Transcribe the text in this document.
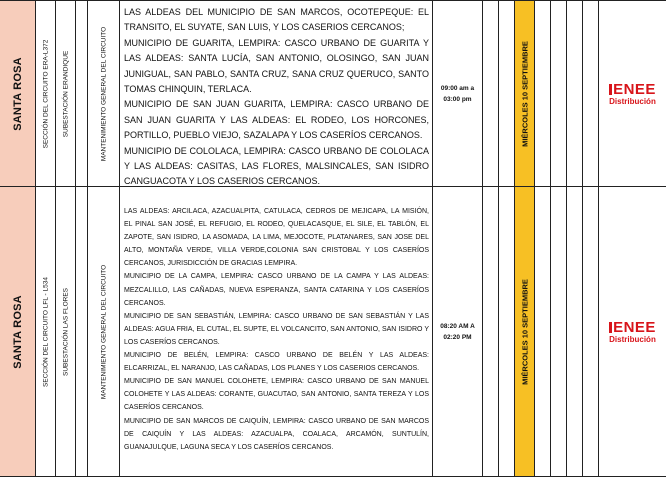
SANTA ROSA	SECCIÓN DEL CIRCUITO ERA-L372 SUBESTACIÓN ERANDIQUE	MANTENIMIENTO GENERAL DEL CIRCUITO

LAS ALDEAS DEL MUNICIPIO DE SAN MARCOS, OCOTEPEQUE: EL TRANSITO, EL SUYATE, SAN LUIS, Y LOS CASERIOS CERCANOS;

MUNICIPIO DE GUARITA, LEMPIRA: CASCO URBANO DE GUARITA Y LAS ALDEAS: SANTA LUCÍA, SAN ANTONIO, OLOSINGO, SAN JUAN JUNIGUAL, SAN PABLO, SANTA CRUZ, SANA CRUZ QUERUCO, SANTO TOMAS CHINQUIN, TERLACA.

MUNICIPIO DE SAN JUAN GUARITA, LEMPIRA: CASCO URBANO DE SAN JUAN GUARITA Y LAS ALDEAS: EL RODEO, LOS HORCONES, PORTILLO, PUEBLO VIEJO, SAZALAPA Y LOS CASERÍOS CERCANOS.

MUNICIPIO DE COLOLACA, LEMPIRA: CASCO URBANO DE COLOLACA Y LAS ALDEAS: CASITAS, LAS FLORES, MALSINCALES, SAN ISIDRO CANGUACOTA Y LOS CASERIOS CERCANOS.

09:00 am a
03:00 pm	MIÉRCOLES 10 SEPTIEMBRE	ENEE
Distribución
SANTA ROSA	SECCIÓN DEL CIRCUITO LFL - L534 SUBESTACIÓN LAS FLORES	MANTENIMIENTO GENERAL DEL CIRCUITO

LAS ALDEAS: ARCILACA, AZACUALPITA, CATULACA, CEDROS DE MEJICAPA, LA MISIÓN, EL PINAL SAN JOSÉ, EL REFUGIO, EL RODEO, QUELACASQUE, EL SILE, EL TABLÓN, EL ZAPOTE, SAN ISIDRO, LA ASOMADA, LA LIMA, MEJOCOTE, PLATANARES, SAN JOSE DEL ALTO, MONTAÑA VERDE, VILLA VERDE,COLONIA SAN CRISTOBAL Y LOS CASERÍOS CERCANOS, JURISDICCIÓN DE GRACIAS LEMPIRA.

MUNICIPIO DE LA CAMPA, LEMPIRA: CASCO URBANO DE LA CAMPA Y LAS ALDEAS: MEZCALILLO, LAS CAÑADAS, NUEVA ESPERANZA, SANTA CATARINA Y LOS CASERÍOS CERCANOS.

MUNICIPIO DE SAN SEBASTIÁN, LEMPIRA: CASCO URBANO DE SAN SEBASTIÁN Y LAS ALDEAS: AGUA FRIA, EL CUTAL, EL SUPTE, EL VOLCANCITO, SAN ANTONIO, SAN ISIDRO Y LOS CASERÍOS CERCANOS.

MUNICIPIO DE BELÉN, LEMPIRA: CASCO URBANO DE BELÉN Y LAS ALDEAS: ELCARRIZAL, EL NARANJO, LAS CAÑADAS, LOS PLANES Y LOS CASERIOS CERCANOS.

MUNICIPIO DE SAN MANUEL COLOHETE, LEMPIRA: CASCO URBANO DE SAN MANUEL COLOHETE Y LAS ALDEAS: CORANTE, GUACUTAO, SAN ANTONIO, SANTA TEREZA Y LOS CASERÍOS CERCANOS.

MUNICIPIO DE SAN MARCOS DE CAIQUÍN, LEMPIRA: CASCO URBANO DE SAN MARCOS DE CAIQUÍN Y LAS ALDEAS: AZACUALPA, COALACA, ARCAMÓN, SUNTULÍN, GUANAJULQUE, LAGUNA SECA Y LOS CASERÍOS CERCANOS.

08:20 AM A
02:20 PM	MIÉRCOLES 10 SEPTIEMBRE	ENEE
Distribución
